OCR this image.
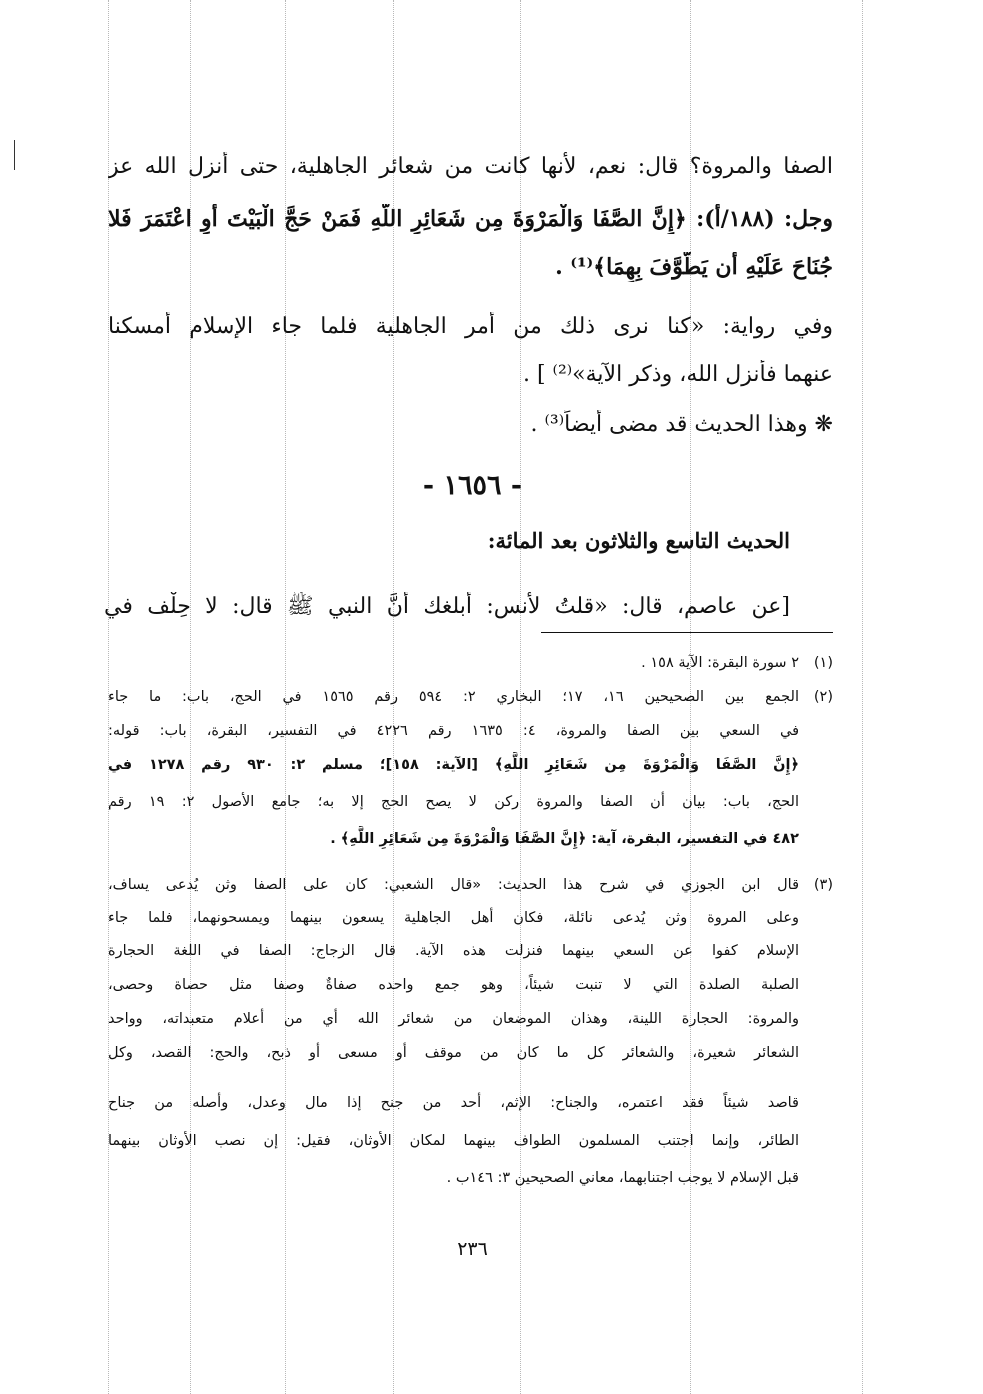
الصفا والمروة؟ قال: نعم، لأنها كانت من شعائر الجاهلية، حتى أنزل الله عز
وجل: (١٨٨/أ): ﴿إِنَّ الصَّفَا وَالْمَرْوَةَ مِن شَعَائِرِ اللَّهِ فَمَنْ حَجَّ الْبَيْتَ أَوِ اعْتَمَرَ فَلا
جُنَاحَ عَلَيْهِ أَن يَطَّوَّفَ بِهِمَا﴾⁽¹⁾ .
وفي رواية: «كنا نرى ذلك من أمر الجاهلية فلما جاء الإسلام أمسكنا
عنهما فأنزل الله، وذكر الآية»⁽²⁾ ] .
❋ وهذا الحديث قد مضى أيضاً⁽³⁾ .
- ١٦٥٦ -
الحديث التاسع والثلاثون بعد المائة:
[عن عاصم، قال: «قلتُ لأنس: أبلغك أنَّ النبي ﷺ قال: لا حِلْف في
(١)
٢ سورة البقرة: الآية ١٥٨ .
(٢)
الجمع بين الصحيحين ١٦، ١٧؛ البخاري ٢: ٥٩٤ رقم ١٥٦٥ في الحج، باب: ما جاء
في السعي بين الصفا والمروة، ٤: ١٦٣٥ رقم ٤٢٢٦ في التفسير، البقرة، باب: قوله:
﴿إِنَّ الصَّفَا وَالْمَرْوَةَ مِن شَعَائِرِ اللَّهِ﴾ [الآية: ١٥٨]؛ مسلم ٢: ٩٣٠ رقم ١٢٧٨ في
الحج، باب: بيان أن الصفا والمروة ركن لا يصح الحج إلا به؛ جامع الأصول ٢: ١٩ رقم
٤٨٢ في التفسير، البقرة، آية: ﴿إِنَّ الصَّفَا وَالْمَرْوَةَ مِن شَعَائِرِ اللَّهِ﴾ .
(٣)
قال ابن الجوزي في شرح هذا الحديث: «قال الشعبي: كان على الصفا وثن يُدعى يساف،
وعلى المروة وثن يُدعى نائلة، فكان أهل الجاهلية يسعون بينهما ويمسحونهما، فلما جاء
الإسلام كفوا عن السعي بينهما فنزلت هذه الآية. قال الزجاج: الصفا في اللغة الحجارة
الصلبة الصلدة التي لا تنبت شيئاً، وهو جمع واحده صفاةٌ وصفا مثل حصاة وحصى،
والمروة: الحجارة اللينة، وهذان الموضعان من شعائر الله أي من أعلام متعبداته، وواحد
الشعائر شعيرة، والشعائر كل ما كان من موقف أو مسعى أو ذبح، والحج: القصد، وكل
قاصد شيئاً فقد اعتمره، والجناح: الإثم، أحد من جنح إذا مال وعدل، وأصله من جناح
الطائر، وإنما اجتنب المسلمون الطواف بينهما لمكان الأوثان، فقيل: إن نصب الأوثان بينهما
قبل الإسلام لا يوجب اجتنابهما، معاني الصحيحين ٣: ١٤٦ب .
٢٣٦
